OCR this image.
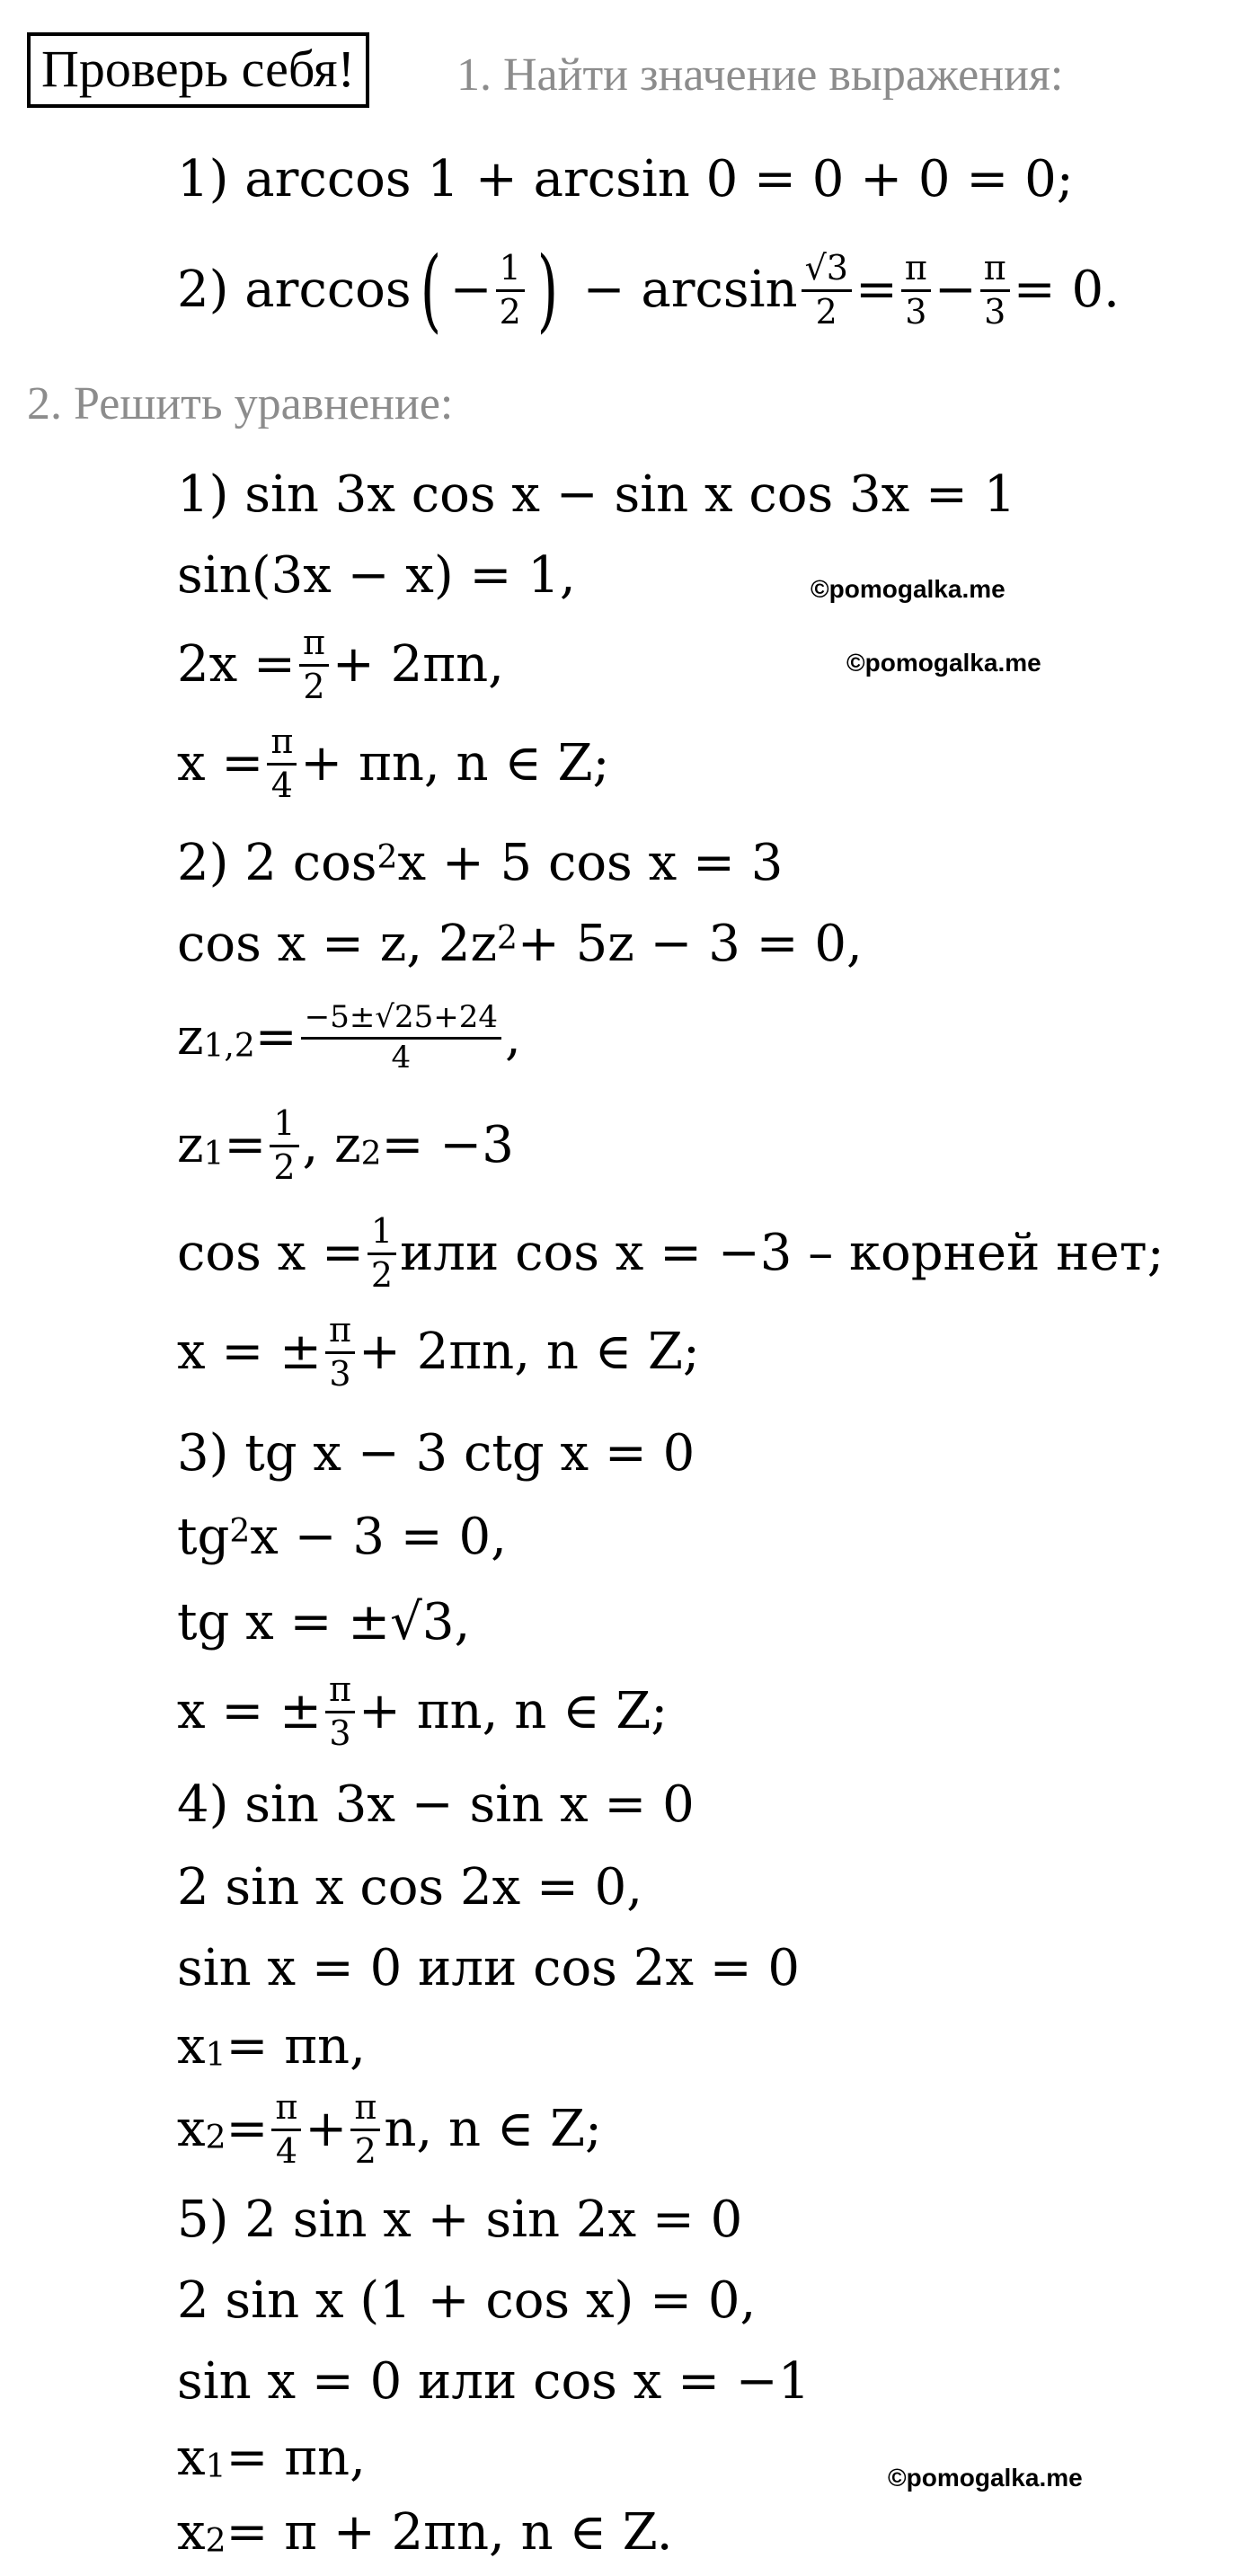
Проверь себя!	1. Найти значение выражения:
1)
arccos 1 + arcsin 0 = 0 + 0 = 0;
2)
arccos ( − $\frac{1}{2}$ )
− $\arcsin \frac{√3}{2} = \frac{\pi}{3} - \frac{\pi}{3} = 0$.
2. Решить уравнение:
1) sin 3x cos x − sin x cos 3x = 1
sin(3x − x) = 1,
$2x = \frac{\pi}{2} + 2\pi n$,
$x = \frac{\pi}{4} + \pi n$, n ∈ Z;
2) 2 $\cos^2 x + 5$ cos x = 3
cos x = z, $2z^2 + 5z - 3 = 0$,
$z_{1,2} = \frac{-5\pm√25+24}{4}$ ,
$z_1 = \frac{1}{2}$ , $z_2 = -3$
$\cos x = \frac{1}{2}$ или cos x = −3 – корней нет;
x = ± $\frac{\pi}{3} + 2\pi n$, n ∈ Z;
3) tg x − 3 ctg x = 0
$tg^2$ x − 3 = 0,
tg x = ±√3,
x = ± $\frac{\pi}{3} + \pi n$, n ∈ Z;
4) sin 3x − sin x = 0
2 sin x cos 2x = 0,
sin x = 0 или cos 2x = 0
$x_1 = \pi n$,
$x_2 = \frac{\pi}{4} + \frac{\pi}{2} n$, n ∈ Z;
5) 2 sin x + sin 2x = 0
2 sin x (1 + cos x) = 0,
sin x = 0 или cos x = −1
$x_1 = \pi n$,
$x_2 = \pi + 2\pi n$, n ∈ Z.
©pomogalka.me
©pomogalka.me
©pomogalka.me
